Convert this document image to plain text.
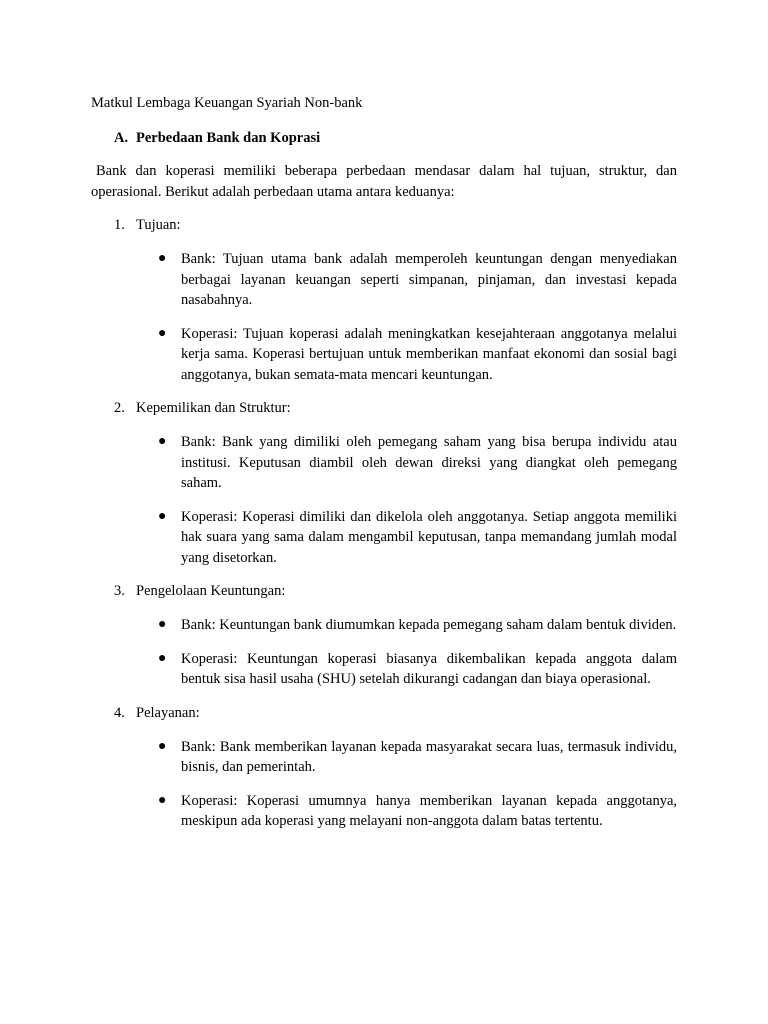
Matkul Lembaga Keuangan Syariah Non-bank

A. Perbedaan Bank dan Koprasi

Bank dan koperasi memiliki beberapa perbedaan mendasar dalam hal tujuan, struktur, dan operasional. Berikut adalah perbedaan utama antara keduanya:

1. Tujuan:
●	Bank: Tujuan utama bank adalah memperoleh keuntungan dengan menyediakan berbagai layanan keuangan seperti simpanan, pinjaman, dan investasi kepada nasabahnya.
●	Koperasi: Tujuan koperasi adalah meningkatkan kesejahteraan anggotanya melalui kerja sama. Koperasi bertujuan untuk memberikan manfaat ekonomi dan sosial bagi anggotanya, bukan semata-mata mencari keuntungan.
2. Kepemilikan dan Struktur:
●	Bank: Bank yang dimiliki oleh pemegang saham yang bisa berupa individu atau institusi. Keputusan diambil oleh dewan direksi yang diangkat oleh pemegang saham.
●	Koperasi: Koperasi dimiliki dan dikelola oleh anggotanya. Setiap anggota memiliki hak suara yang sama dalam mengambil keputusan, tanpa memandang jumlah modal yang disetorkan.
3. Pengelolaan Keuntungan:
●	Bank: Keuntungan bank diumumkan kepada pemegang saham dalam bentuk dividen.
●	Koperasi: Keuntungan koperasi biasanya dikembalikan kepada anggota dalam bentuk sisa hasil usaha (SHU) setelah dikurangi cadangan dan biaya operasional.
4. Pelayanan:
●	Bank: Bank memberikan layanan kepada masyarakat secara luas, termasuk individu, bisnis, dan pemerintah.
●	Koperasi: Koperasi umumnya hanya memberikan layanan kepada anggotanya, meskipun ada koperasi yang melayani non-anggota dalam batas tertentu.
